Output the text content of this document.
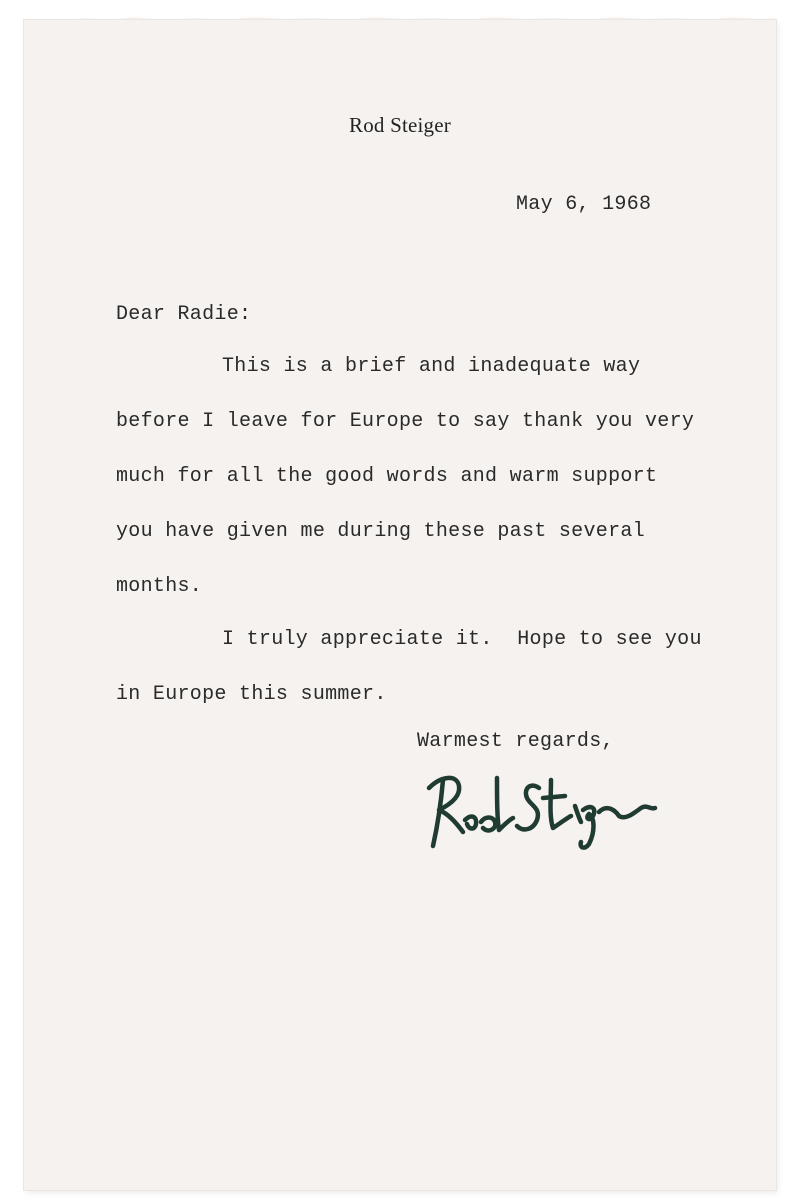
Rod Steiger
May 6, 1968
Dear Radie:
This is a brief and inadequate way
before I leave for Europe to say thank you very
much for all the good words and warm support
you have given me during these past several
months.
I truly appreciate it.  Hope to see you
in Europe this summer.
Warmest regards,
